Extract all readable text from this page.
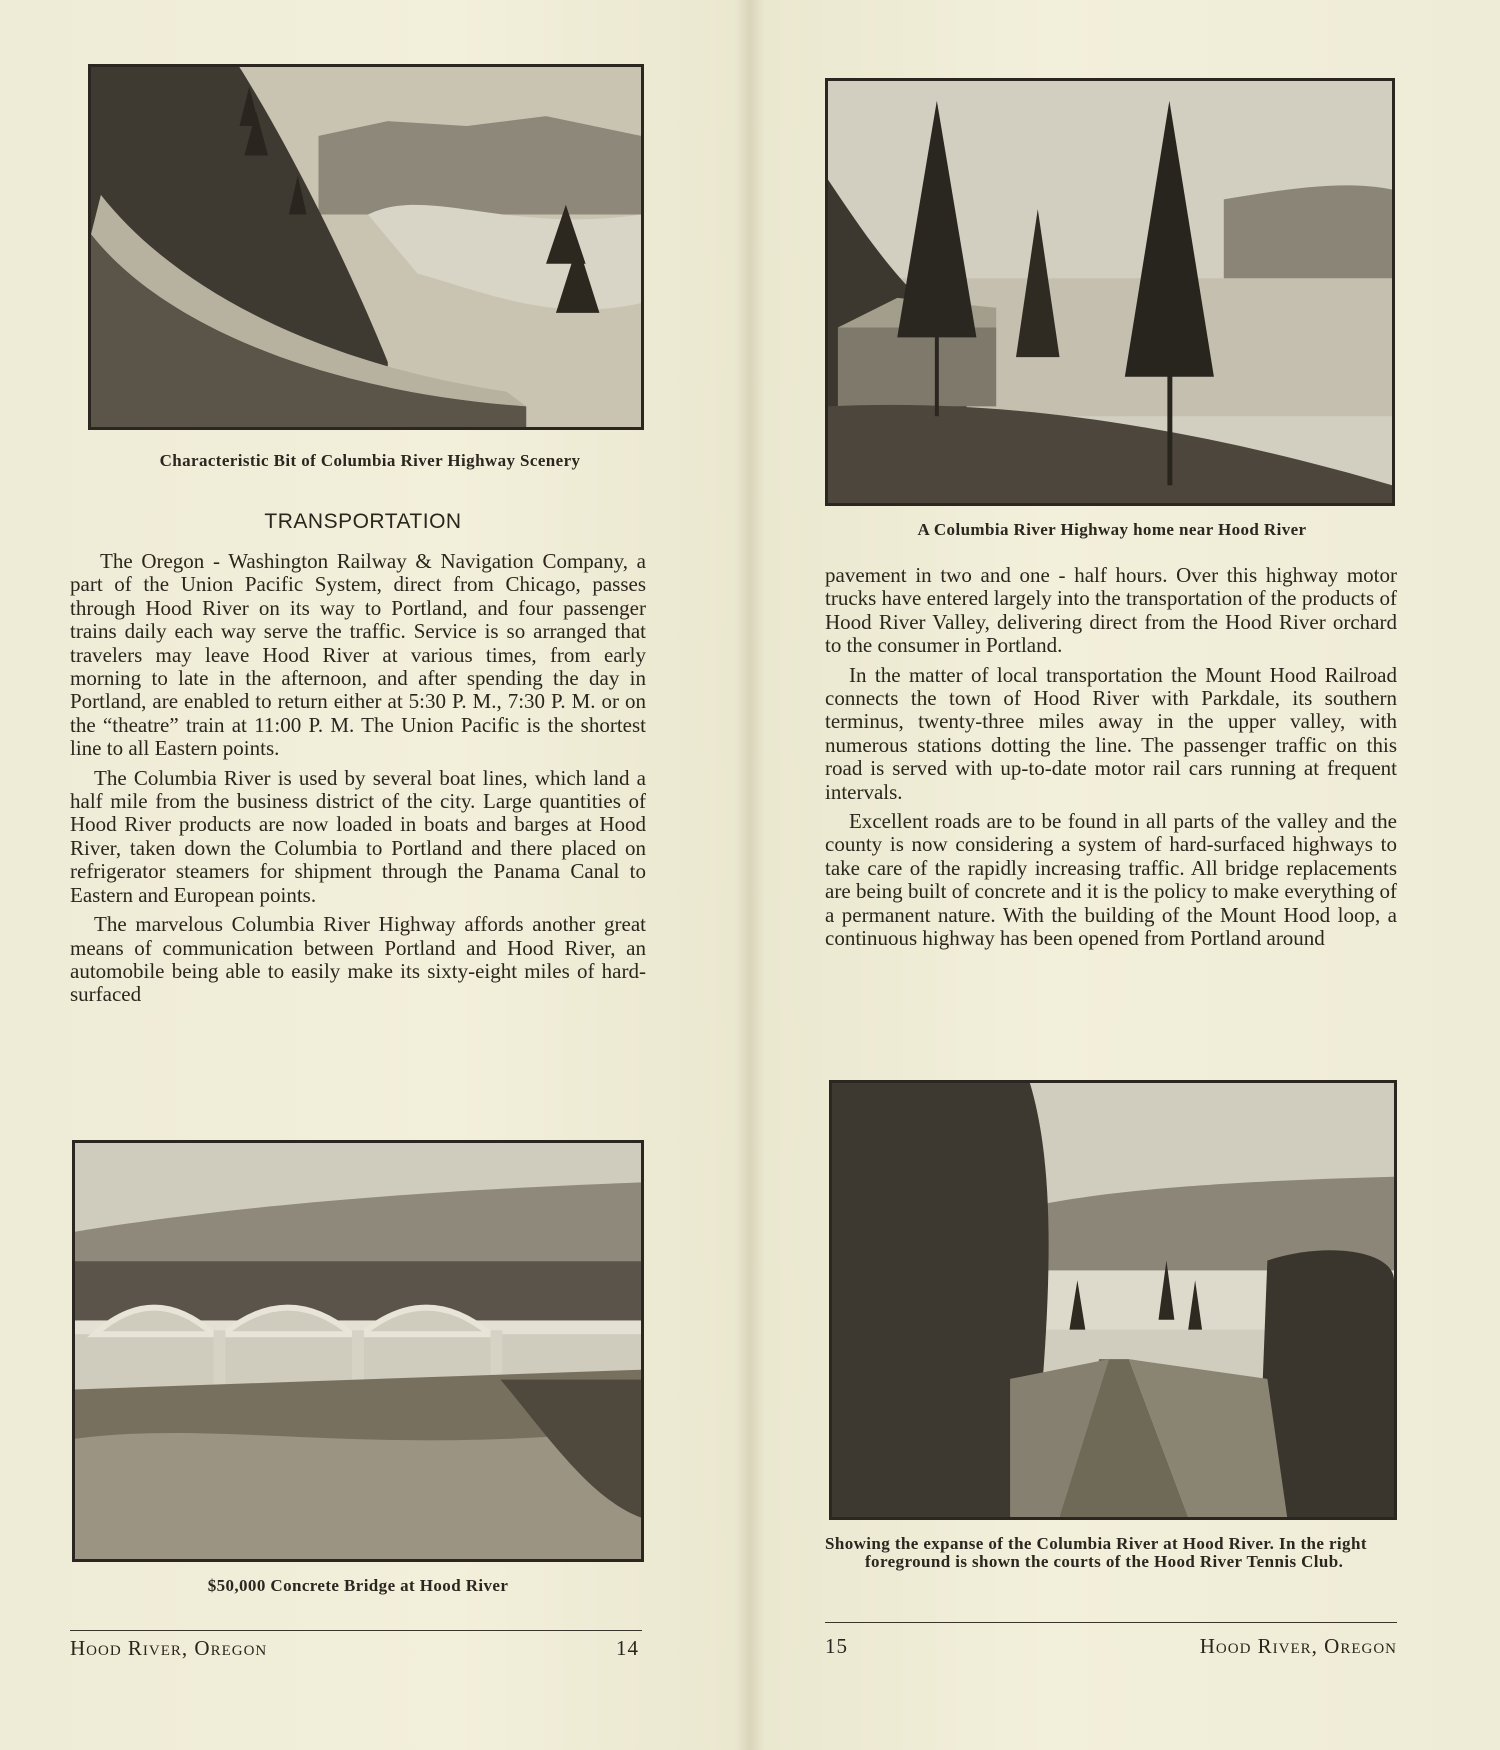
Characteristic Bit of Columbia River Highway Scenery
TRANSPORTATION

The Oregon - Washington Railway & Navigation Company, a part of the Union Pacific System, direct from Chicago, passes through Hood River on its way to Portland, and four passenger trains daily each way serve the traffic. Service is so arranged that travelers may leave Hood River at various times, from early morning to late in the afternoon, and after spending the day in Portland, are enabled to return either at 5:30 P. M., 7:30 P. M. or on the “theatre” train at 11:00 P. M. The Union Pacific is the shortest line to all Eastern points.

The Columbia River is used by several boat lines, which land a half mile from the business district of the city. Large quantities of Hood River products are now loaded in boats and barges at Hood River, taken down the Columbia to Portland and there placed on refrigerator steamers for shipment through the Panama Canal to Eastern and European points.

The marvelous Columbia River Highway affords another great means of communication between Portland and Hood River, an automobile being able to easily make its sixty-eight miles of hard-surfaced

$50,000 Concrete Bridge at Hood River
Hood River, Oregon	14
A Columbia River Highway home near Hood River

pavement in two and one - half hours. Over this highway motor trucks have entered largely into the transportation of the products of Hood River Valley, delivering direct from the Hood River orchard to the consumer in Portland.

In the matter of local transportation the Mount Hood Railroad connects the town of Hood River with Parkdale, its southern terminus, twenty-three miles away in the upper valley, with numerous stations dotting the line. The passenger traffic on this road is served with up-to-date motor rail cars running at frequent intervals.

Excellent roads are to be found in all parts of the valley and the county is now considering a system of hard-surfaced highways to take care of the rapidly increasing traffic. All bridge replacements are being built of concrete and it is the policy to make everything of a permanent nature. With the building of the Mount Hood loop, a continuous highway has been opened from Portland around

Showing the expanse of the Columbia River at Hood River. In the right foreground is shown the courts of the Hood River Tennis Club.
15	Hood River, Oregon
